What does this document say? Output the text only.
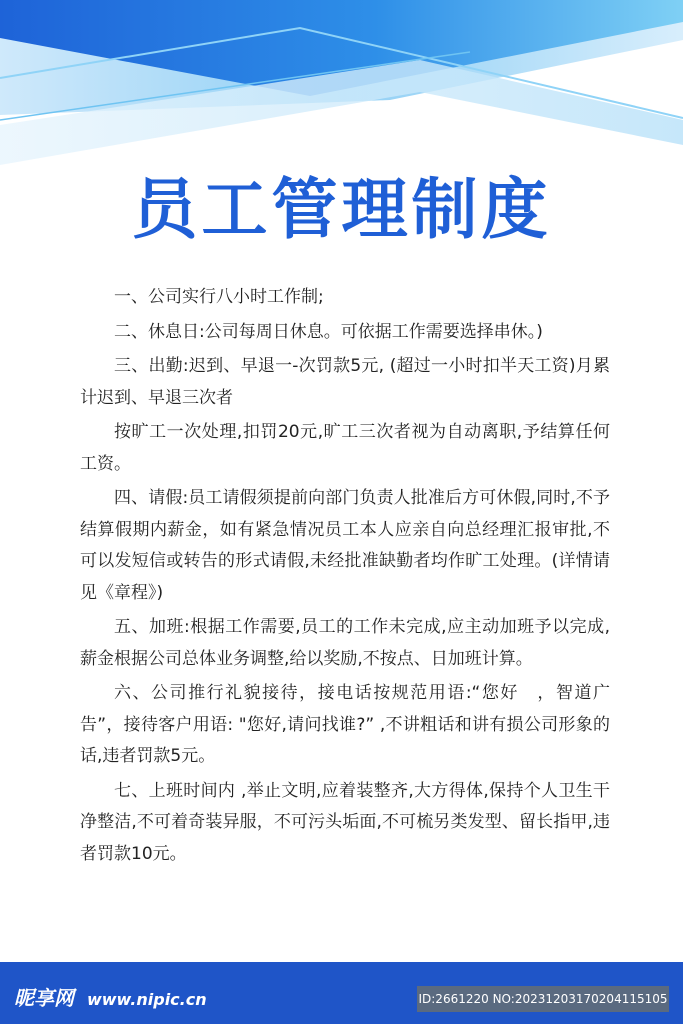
员工管理制度

一、公司实行八小时工作制;

二、休息日:公司每周日休息。可依据工作需要选择串休。)

三、出勤:迟到、早退一-次罚款5元, (超过一小时扣半天工资)月累计迟到、早退三次者

按旷工一次处理,扣罚20元,旷工三次者视为自动离职,予结算任何工资。

四、请假:员工请假须提前向部门负责人批准后方可休假,同时,不予结算假期内薪金，如有紧急情况员工本人应亲自向总经理汇报审批,不可以发短信或转告的形式请假,未经批准缺勤者均作旷工处理。(详情请见《章程》)

五、加班:根据工作需要,员工的工作未完成,应主动加班予以完成,薪金根据公司总体业务调整,给以奖励,不按点、日加班计算。

六、公司推行礼貌接待，接电话按规范用语:“您好　，智道广告”，接待客户用语: "您好,请问找谁?” ,不讲粗话和讲有损公司形象的话,违者罚款5元。

七、上班时间内 ,举止文明,应着装整齐,大方得体,保持个人卫生干净整洁,不可着奇装异服，不可污头垢面,不可梳另类发型、留长指甲,违者罚款10元。

昵享网 www.nipic.cn	ID:2661220 NO:20231203170204115105
